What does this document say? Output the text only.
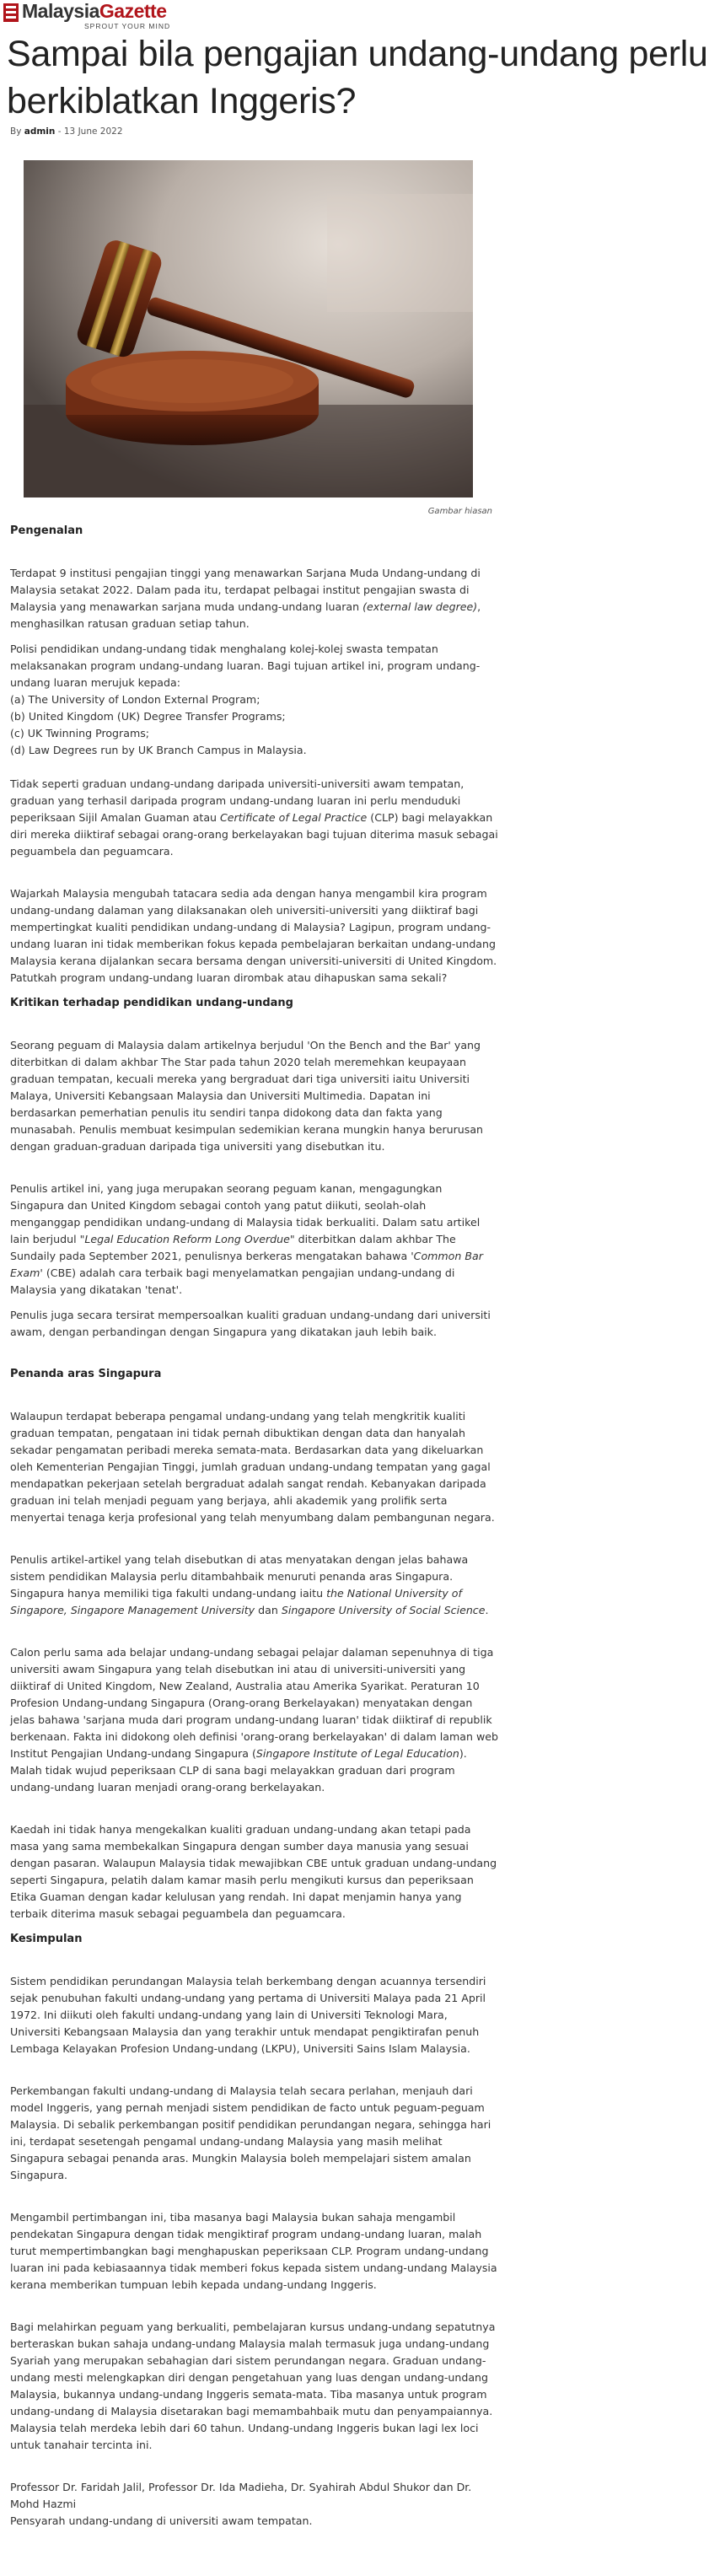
MalaysiaGazette
SPROUT YOUR MIND
Sampai bila pengajian undang-undang perlu berkiblatkan Inggeris?
By admin - 13 June 2022
Gambar hiasan
Pengenalan

Terdapat 9 institusi pengajian tinggi yang menawarkan Sarjana Muda Undang-undang di Malaysia setakat 2022. Dalam pada itu, terdapat pelbagai institut pengajian swasta di Malaysia yang menawarkan sarjana muda undang-undang luaran (external law degree), menghasilkan ratusan graduan setiap tahun.

Polisi pendidikan undang-undang tidak menghalang kolej-kolej swasta tempatan melaksanakan program undang-undang luaran. Bagi tujuan artikel ini, program undang-undang luaran merujuk kepada:

(a) The University of London External Program;
(b) United Kingdom (UK) Degree Transfer Programs;
(c) UK Twinning Programs;
(d) Law Degrees run by UK Branch Campus in Malaysia.

Tidak seperti graduan undang-undang daripada universiti-universiti awam tempatan, graduan yang terhasil daripada program undang-undang luaran ini perlu menduduki peperiksaan Sijil Amalan Guaman atau Certificate of Legal Practice (CLP) bagi melayakkan diri mereka diiktiraf sebagai orang-orang berkelayakan bagi tujuan diterima masuk sebagai peguambela dan peguamcara.

Wajarkah Malaysia mengubah tatacara sedia ada dengan hanya mengambil kira program undang-undang dalaman yang dilaksanakan oleh universiti-universiti yang diiktiraf bagi mempertingkat kualiti pendidikan undang-undang di Malaysia? Lagipun, program undang-undang luaran ini tidak memberikan fokus kepada pembelajaran berkaitan undang-undang Malaysia kerana dijalankan secara bersama dengan universiti-universiti di United Kingdom. Patutkah program undang-undang luaran dirombak atau dihapuskan sama sekali?

Kritikan terhadap pendidikan undang-undang

Seorang peguam di Malaysia dalam artikelnya berjudul 'On the Bench and the Bar' yang diterbitkan di dalam akhbar The Star pada tahun 2020 telah meremehkan keupayaan graduan tempatan, kecuali mereka yang bergraduat dari tiga universiti iaitu Universiti Malaya, Universiti Kebangsaan Malaysia dan Universiti Multimedia. Dapatan ini berdasarkan pemerhatian penulis itu sendiri tanpa didokong data dan fakta yang munasabah. Penulis membuat kesimpulan sedemikian kerana mungkin hanya berurusan dengan graduan-graduan daripada tiga universiti yang disebutkan itu.

Penulis artikel ini, yang juga merupakan seorang peguam kanan, mengagungkan Singapura dan United Kingdom sebagai contoh yang patut diikuti, seolah-olah menganggap pendidikan undang-undang di Malaysia tidak berkualiti. Dalam satu artikel lain berjudul "Legal Education Reform Long Overdue" diterbitkan dalam akhbar The Sundaily pada September 2021, penulisnya berkeras mengatakan bahawa 'Common Bar Exam' (CBE) adalah cara terbaik bagi menyelamatkan pengajian undang-undang di Malaysia yang dikatakan 'tenat'.

Penulis juga secara tersirat mempersoalkan kualiti graduan undang-undang dari universiti awam, dengan perbandingan dengan Singapura yang dikatakan jauh lebih baik.

Penanda aras Singapura

Walaupun terdapat beberapa pengamal undang-undang yang telah mengkritik kualiti graduan tempatan, pengataan ini tidak pernah dibuktikan dengan data dan hanyalah sekadar pengamatan peribadi mereka semata-mata. Berdasarkan data yang dikeluarkan oleh Kementerian Pengajian Tinggi, jumlah graduan undang-undang tempatan yang gagal mendapatkan pekerjaan setelah bergraduat adalah sangat rendah. Kebanyakan daripada graduan ini telah menjadi peguam yang berjaya, ahli akademik yang prolifik serta menyertai tenaga kerja profesional yang telah menyumbang dalam pembangunan negara.

Penulis artikel-artikel yang telah disebutkan di atas menyatakan dengan jelas bahawa sistem pendidikan Malaysia perlu ditambahbaik menuruti penanda aras Singapura. Singapura hanya memiliki tiga fakulti undang-undang iaitu the National University of Singapore, Singapore Management University dan Singapore University of Social Science.

Calon perlu sama ada belajar undang-undang sebagai pelajar dalaman sepenuhnya di tiga universiti awam Singapura yang telah disebutkan ini atau di universiti-universiti yang diiktiraf di United Kingdom, New Zealand, Australia atau Amerika Syarikat. Peraturan 10 Profesion Undang-undang Singapura (Orang-orang Berkelayakan) menyatakan dengan jelas bahawa 'sarjana muda dari program undang-undang luaran' tidak diiktiraf di republik berkenaan. Fakta ini didokong oleh definisi 'orang-orang berkelayakan' di dalam laman web Institut Pengajian Undang-undang Singapura (Singapore Institute of Legal Education). Malah tidak wujud peperiksaan CLP di sana bagi melayakkan graduan dari program undang-undang luaran menjadi orang-orang berkelayakan.

Kaedah ini tidak hanya mengekalkan kualiti graduan undang-undang akan tetapi pada masa yang sama membekalkan Singapura dengan sumber daya manusia yang sesuai dengan pasaran. Walaupun Malaysia tidak mewajibkan CBE untuk graduan undang-undang seperti Singapura, pelatih dalam kamar masih perlu mengikuti kursus dan peperiksaan Etika Guaman dengan kadar kelulusan yang rendah. Ini dapat menjamin hanya yang terbaik diterima masuk sebagai peguambela dan peguamcara.

Kesimpulan

Sistem pendidikan perundangan Malaysia telah berkembang dengan acuannya tersendiri sejak penubuhan fakulti undang-undang yang pertama di Universiti Malaya pada 21 April 1972. Ini diikuti oleh fakulti undang-undang yang lain di Universiti Teknologi Mara, Universiti Kebangsaan Malaysia dan yang terakhir untuk mendapat pengiktirafan penuh Lembaga Kelayakan Profesion Undang-undang (LKPU), Universiti Sains Islam Malaysia.

Perkembangan fakulti undang-undang di Malaysia telah secara perlahan, menjauh dari model Inggeris, yang pernah menjadi sistem pendidikan de facto untuk peguam-peguam Malaysia. Di sebalik perkembangan positif pendidikan perundangan negara, sehingga hari ini, terdapat sesetengah pengamal undang-undang Malaysia yang masih melihat Singapura sebagai penanda aras. Mungkin Malaysia boleh mempelajari sistem amalan Singapura.

Mengambil pertimbangan ini, tiba masanya bagi Malaysia bukan sahaja mengambil pendekatan Singapura dengan tidak mengiktiraf program undang-undang luaran, malah turut mempertimbangkan bagi menghapuskan peperiksaan CLP. Program undang-undang luaran ini pada kebiasaannya tidak memberi fokus kepada sistem undang-undang Malaysia kerana memberikan tumpuan lebih kepada undang-undang Inggeris.

Bagi melahirkan peguam yang berkualiti, pembelajaran kursus undang-undang sepatutnya berteraskan bukan sahaja undang-undang Malaysia malah termasuk juga undang-undang Syariah yang merupakan sebahagian dari sistem perundangan negara. Graduan undang-undang mesti melengkapkan diri dengan pengetahuan yang luas dengan undang-undang Malaysia, bukannya undang-undang Inggeris semata-mata. Tiba masanya untuk program undang-undang di Malaysia disetarakan bagi memambahbaik mutu dan penyampaiannya. Malaysia telah merdeka lebih dari 60 tahun. Undang-undang Inggeris bukan lagi lex loci untuk tanahair tercinta ini.

Professor Dr. Faridah Jalil, Professor Dr. Ida Madieha, Dr. Syahirah Abdul Shukor dan Dr. Mohd Hazmi

Pensyarah undang-undang di universiti awam tempatan.
